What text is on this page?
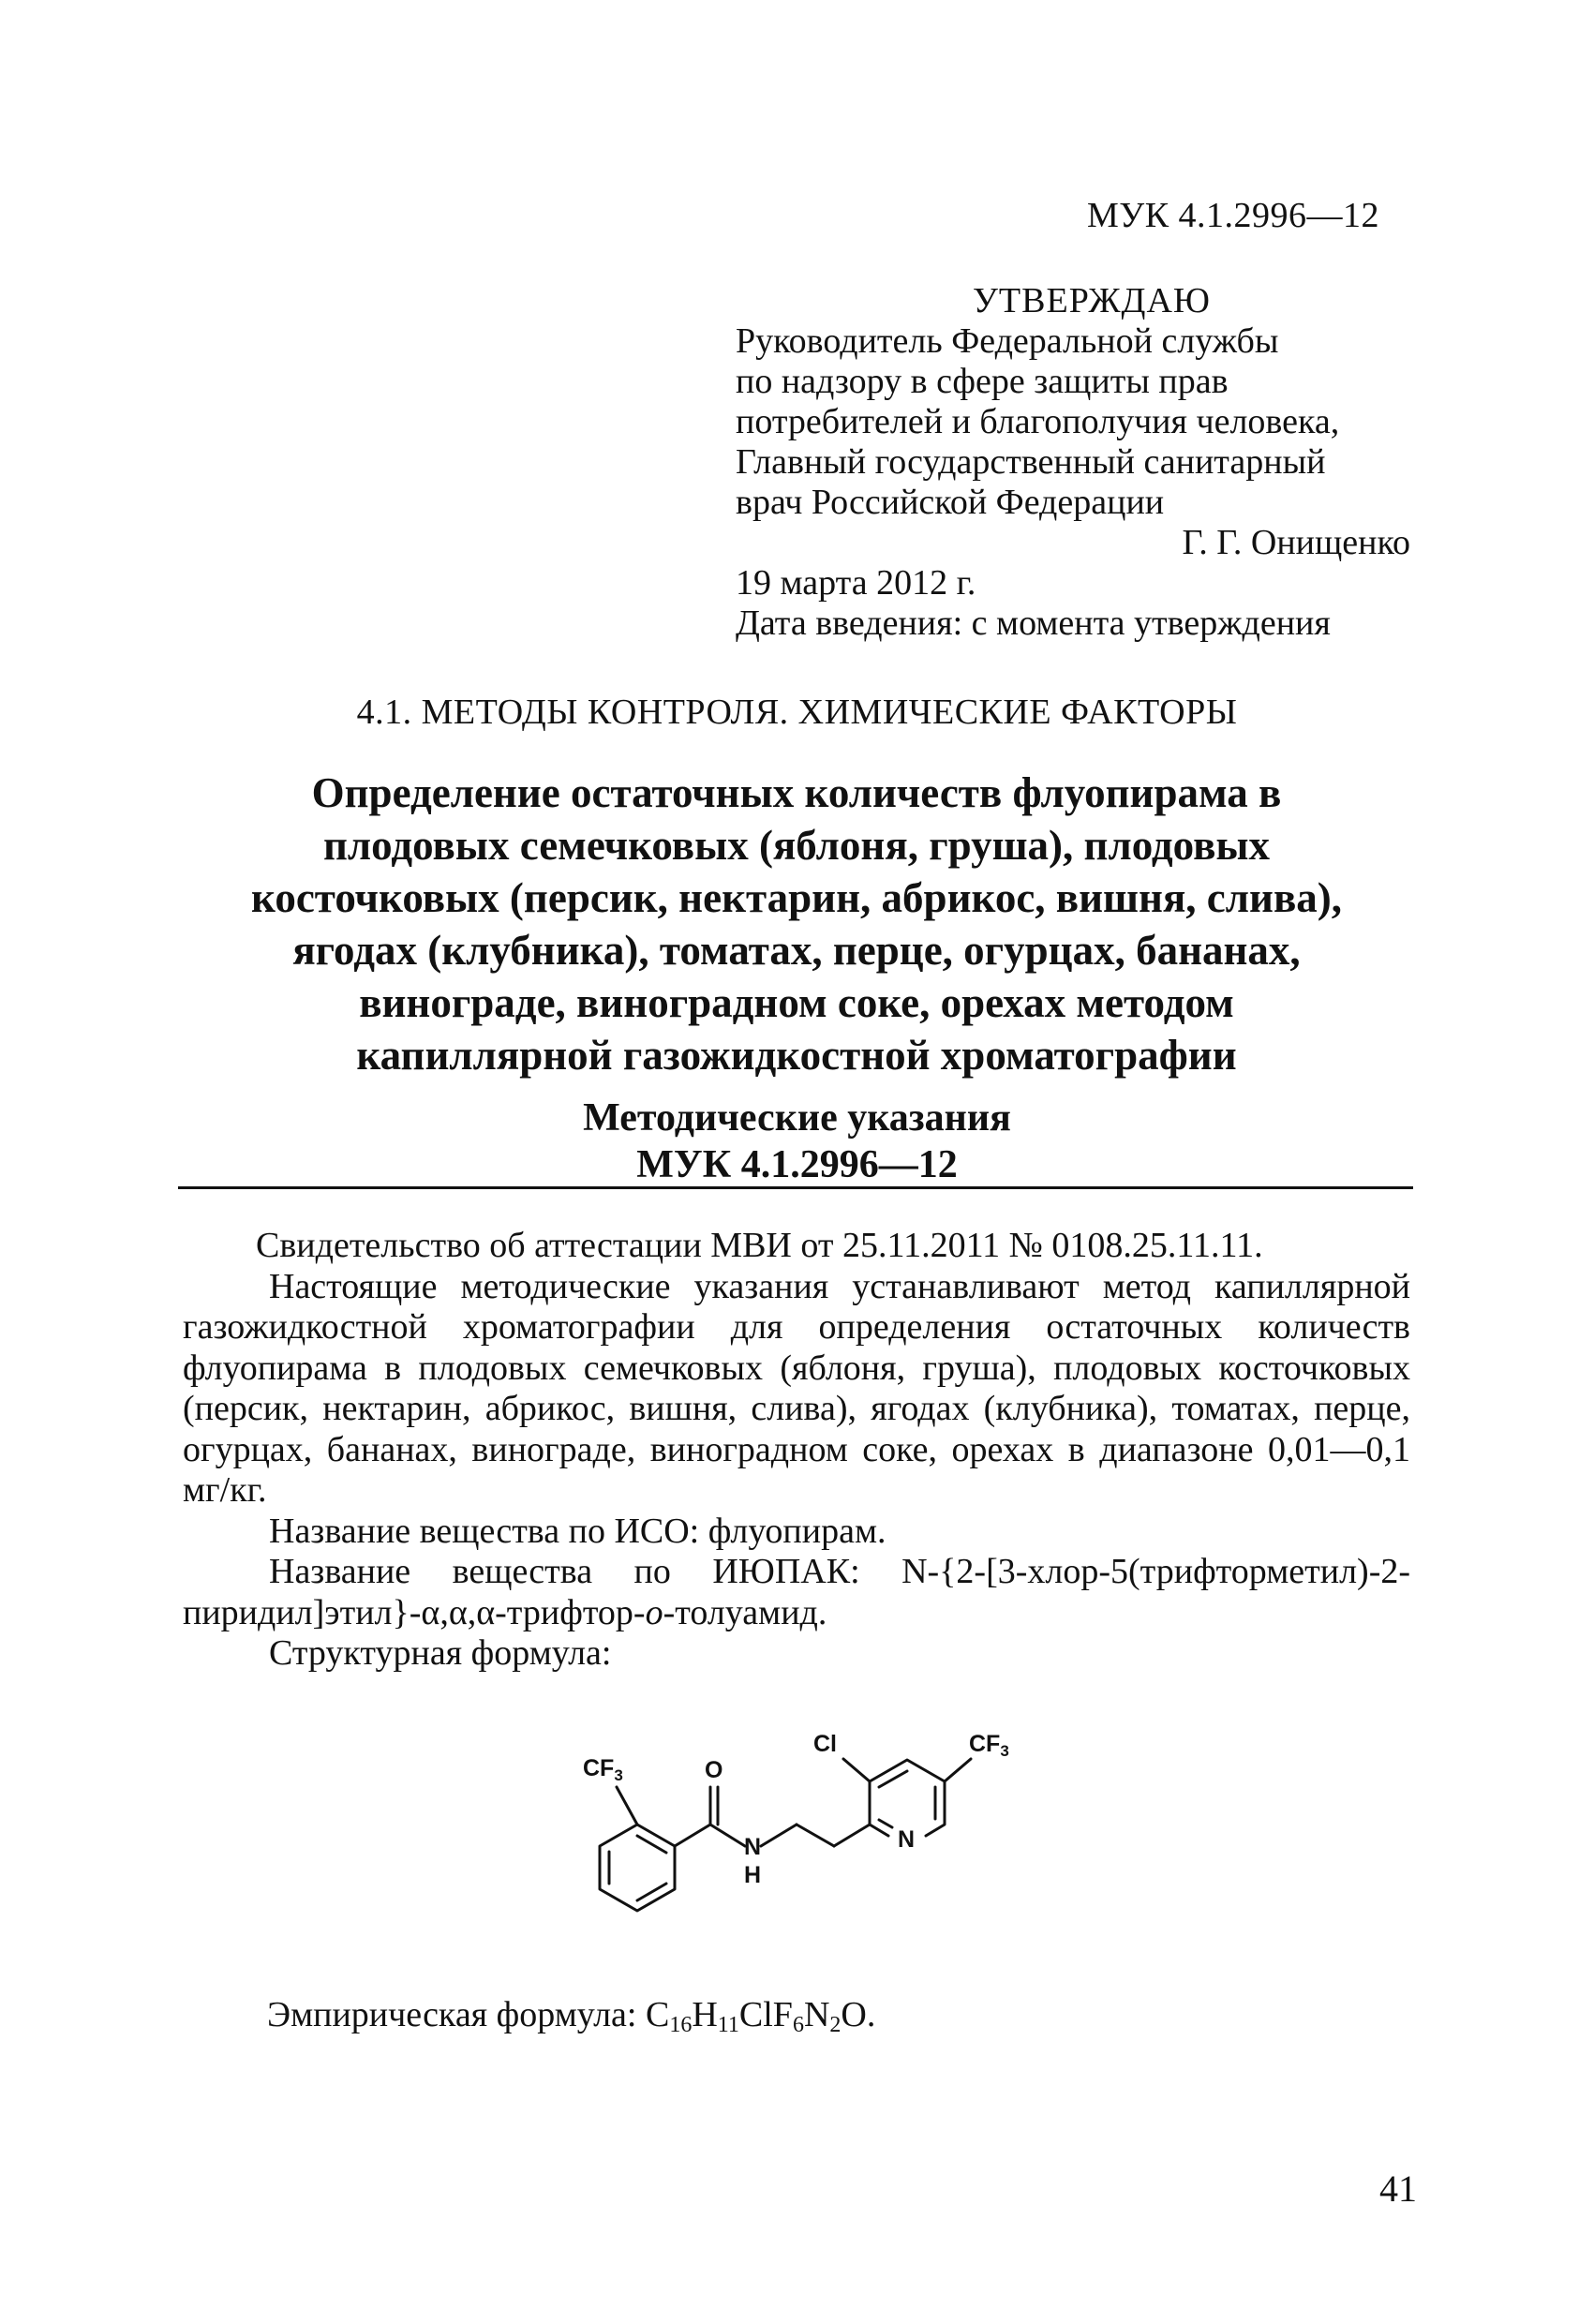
МУК 4.1.2996—12
УТВЕРЖДАЮ
Руководитель Федеральной службы
по надзору в сфере защиты прав
потребителей и благополучия человека,
Главный государственный санитарный
врач Российской Федерации
Г. Г. Онищенко
19 марта 2012 г.
Дата введения: с момента утверждения
4.1. МЕТОДЫ КОНТРОЛЯ. ХИМИЧЕСКИЕ ФАКТОРЫ
Определение остаточных количеств флуопирама в
плодовых семечковых (яблоня, груша), плодовых
косточковых (персик, нектарин, абрикос, вишня, слива),
ягодах (клубника), томатах, перце, огурцах, бананах,
винограде, виноградном соке, орехах методом
капиллярной газожидкостной хроматографии
Методические указания
МУК 4.1.2996—12

Свидетельство об аттестации МВИ от 25.11.2011 № 0108.25.11.11.

Настоящие методические указания устанавливают метод капиллярной газожидкостной хроматографии для определения остаточных количеств флуопирама в плодовых семечковых (яблоня, груша), плодовых косточковых (персик, нектарин, абрикос, вишня, слива), ягодах (клубника), томатах, перце, огурцах, бананах, винограде, виноградном соке, орехах в диапазоне 0,01—0,1 мг/кг.

Название вещества по ИСО: флуопирам.

Название вещества по ИЮПАК: N-{2-[3-хлор-5(трифторметил)-2-пиридил]этил}-α,α,α-трифтор-o-толуамид.

Структурная формула:

$CF_3$	O
N
H
Cl	$CF_3$
N
Эмпирическая формула: $C_{16}H_{11}ClF_6N_2O$.
41
